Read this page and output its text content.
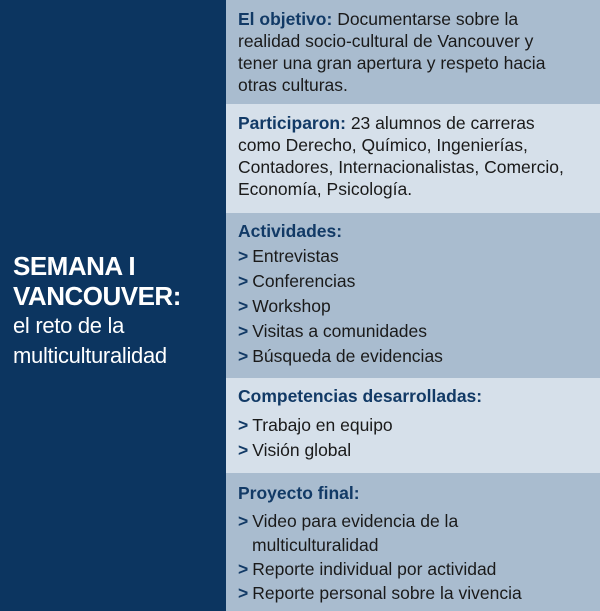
SEMANA I
VANCOUVER:
el reto de la
multiculturalidad
El objetivo: Documentarse sobre la
realidad socio-cultural de Vancouver y
tener una gran apertura y respeto hacia
otras culturas.
Participaron: 23 alumnos de carreras
como Derecho, Químico, Ingenierías,
Contadores, Internacionalistas, Comercio,
Economía, Psicología.
Actividades:
> Entrevistas
> Conferencias
> Workshop
> Visitas a comunidades
> Búsqueda de evidencias
Competencias desarrolladas:
> Trabajo en equipo
> Visión global
Proyecto final:
> Video para evidencia de la
multiculturalidad
> Reporte individual por actividad
> Reporte personal sobre la vivencia
